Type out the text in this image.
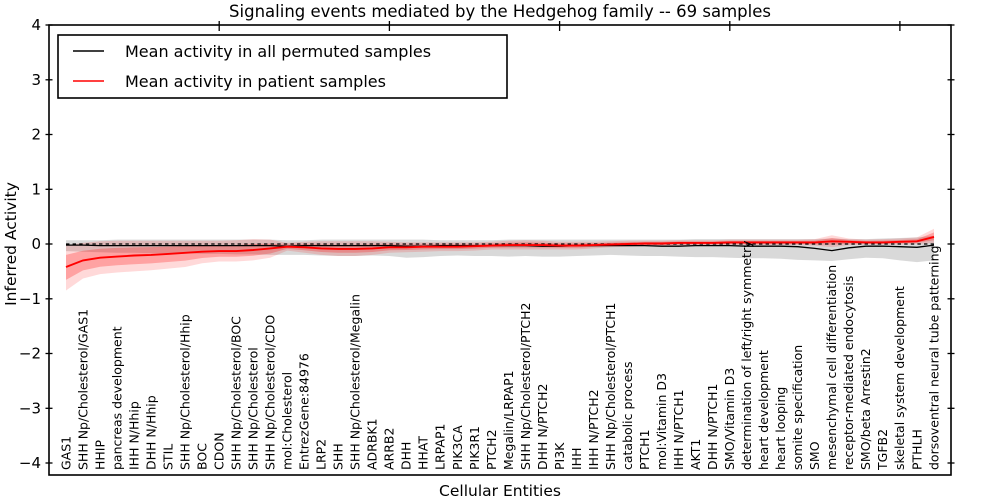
GAS1 SHH Np/Cholesterol/GAS1 HHIP pancreas development IHH N/Hhip DHH N/Hhip STIL SHH Np/Cholesterol/Hhip BOC CDON SHH Np/Cholesterol/BOC SHH Np/Cholesterol SHH Np/Cholesterol/CDO mol:Cholesterol EntrezGene:84976 LRP2 SHH SHH Np/Cholesterol/Megalin ADRBK1 ARRB2 DHH HHAT LRPAP1 PIK3CA PIK3R1 PTCH2 Megalin/LRPAP1 SHH Np/Cholesterol/PTCH2 DHH N/PTCH2 PI3K IHH IHH N/PTCH2 SHH Np/Cholesterol/PTCH1 catabolic process PTCH1 mol:Vitamin D3 IHH N/PTCH1 AKT1 DHH N/PTCH1 SMO/Vitamin D3 determination of left/right symmetry heart development heart looping somite specification SMO mesenchymal cell differentiation receptor-mediated endocytosis SMO/beta Arrestin2 TGFB2 skeletal system development PTHLH dorsoventral neural tube patterning
4
3
2
1
0
−1
−2
−3
−4
Signaling events mediated by the Hedgehog family -- 69 samples
Inferred Activity
Cellular Entities
Mean activity in all permuted samples
Mean activity in patient samples
